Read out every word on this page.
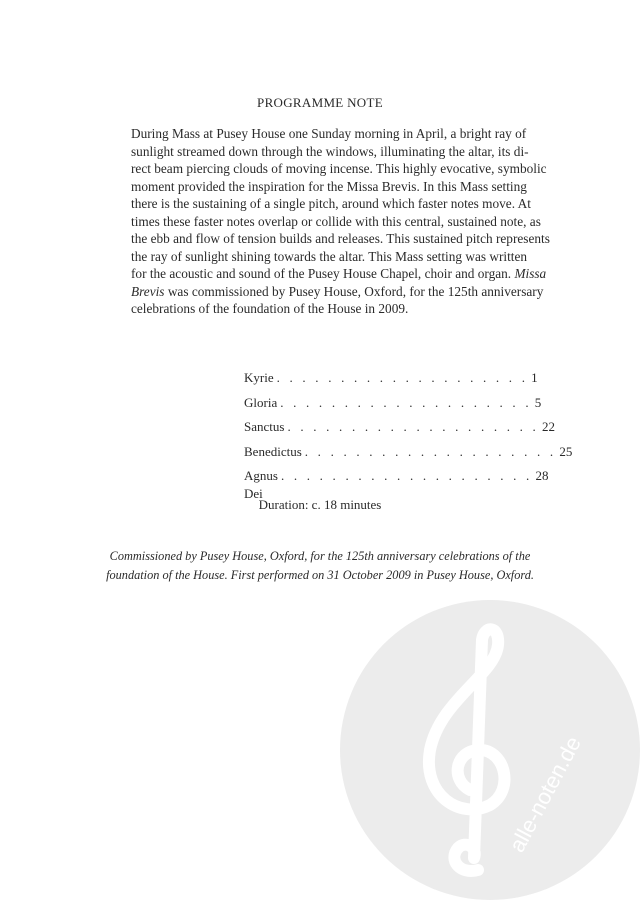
alle-noten.de
PROGRAMME NOTE
During Mass at Pusey House one Sunday morning in April, a bright ray of
sunlight streamed down through the windows, illuminating the altar, its di-
rect beam piercing clouds of moving incense. This highly evocative, symbolic
moment provided the inspiration for the Missa Brevis. In this Mass setting
there is the sustaining of a single pitch, around which faster notes move. At
times these faster notes overlap or collide with this central, sustained note, as
the ebb and flow of tension builds and releases. This sustained pitch represents
the ray of sunlight shining towards the altar. This Mass setting was written
for the acoustic and sound of the Pusey House Chapel, choir and organ. Missa
Brevis was commissioned by Pusey House, Oxford, for the 125th anniversary
celebrations of the foundation of the House in 2009.
Kyrie . . . . . . . . . . . . . . . . . . . . 1
Gloria . . . . . . . . . . . . . . . . . . . . 5
Sanctus . . . . . . . . . . . . . . . . . . . . 22
Benedictus . . . . . . . . . . . . . . . . . . . . 25
Agnus Dei
. . . . . . . . . . . . . . . . . . . . 28
Duration: c. 18 minutes
Commissioned by Pusey House, Oxford, for the 125th anniversary celebrations of the
foundation of the House. First performed on 31 October 2009 in Pusey House, Oxford.
